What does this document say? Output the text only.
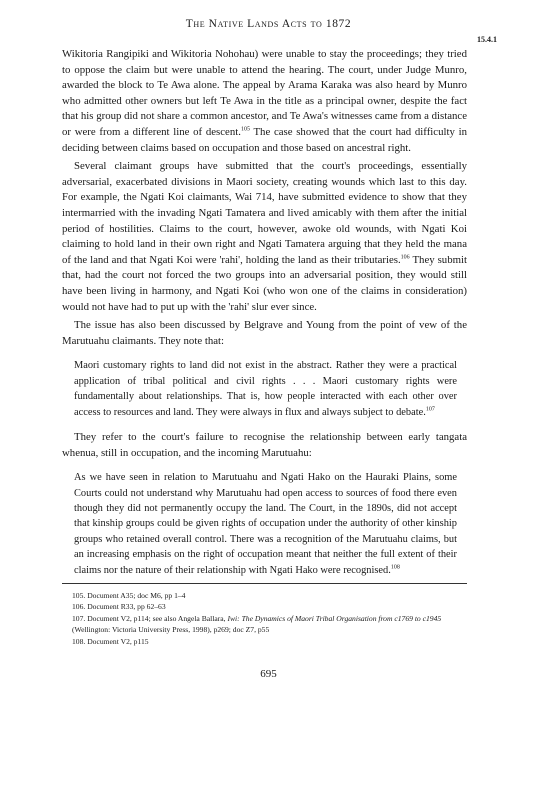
The Native Lands Acts to 1872
15.4.1

Wikitoria Rangipiki and Wikitoria Nohohau) were unable to stay the proceedings; they tried to oppose the claim but were unable to attend the hearing. The court, under Judge Munro, awarded the block to Te Awa alone. The appeal by Arama Karaka was also heard by Munro who admitted other owners but left Te Awa in the title as a principal owner, despite the fact that his group did not share a common ancestor, and Te Awa's witnesses came from a distance or were from a different line of descent.$^{105}$ The case showed that the court had difficulty in deciding between claims based on occupation and those based on ancestral right.

Several claimant groups have submitted that the court's proceedings, essentially adversarial, exacerbated divisions in Maori society, creating wounds which last to this day. For example, the Ngati Koi claimants, Wai 714, have submitted evidence to show that they intermarried with the invading Ngati Tamatera and lived amicably with them after the initial period of hostilities. Claims to the court, however, awoke old wounds, with Ngati Koi claiming to hold land in their own right and Ngati Tamatera arguing that they held the mana of the land and that Ngati Koi were 'rahi', holding the land as their tributaries.$^{106}$ They submit that, had the court not forced the two groups into an adversarial position, they would still have been living in harmony, and Ngati Koi (who won one of the claims in consideration) would not have had to put up with the 'rahi' slur ever since.

The issue has also been discussed by Belgrave and Young from the point of vew of the Marutuahu claimants. They note that:

Maori customary rights to land did not exist in the abstract. Rather they were a practical application of tribal political and civil rights . . . Maori customary rights were fundamentally about relationships. That is, how people interacted with each other over access to resources and land. They were always in flux and always subject to debate.$^{107}$

They refer to the court's failure to recognise the relationship between early tangata whenua, still in occupation, and the incoming Marutuahu:

As we have seen in relation to Marutuahu and Ngati Hako on the Hauraki Plains, some Courts could not understand why Marutuahu had open access to sources of food there even though they did not permanently occupy the land. The Court, in the 1890s, did not accept that kinship groups could be given rights of occupation under the authority of other kinship groups who retained overall control. There was a recognition of the Marutuahu claims, but an increasing emphasis on the right of occupation meant that neither the full extent of their claims nor the nature of their relationship with Ngati Hako were recognised.$^{108}$

105. Document A35; doc M6, pp 1–4
106. Document R33, pp 62–63
107. Document V2, p114; see also Angela Ballara, Iwi: The Dynamics of Maori Tribal Organisation from c1769 to c1945 (Wellington: Victoria University Press, 1998), p269; doc Z7, p55
108. Document V2, p115
695
